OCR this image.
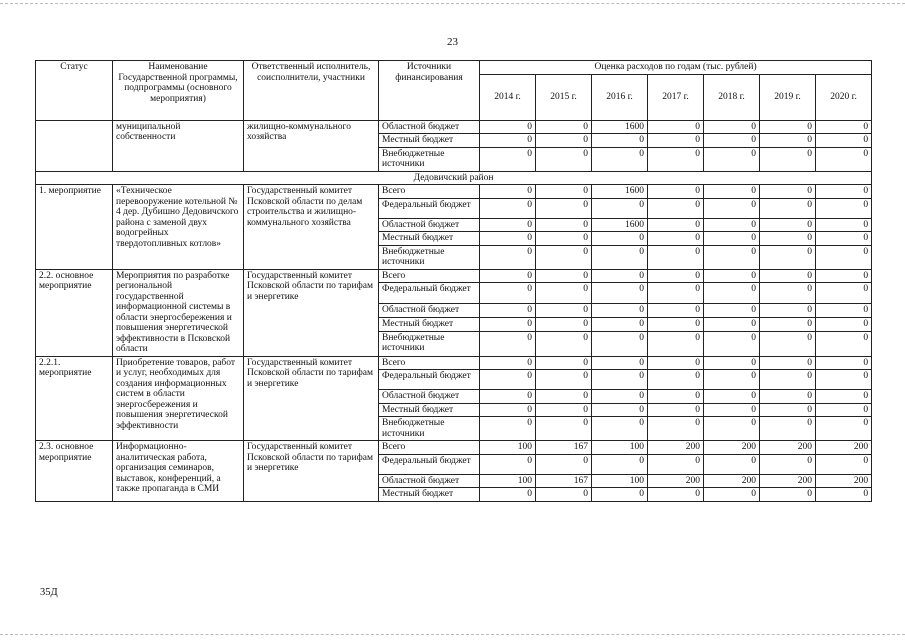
23
Статус	Наименование Государственной программы, подпрограммы (основного мероприятия)	Ответственный исполнитель, соисполнители, участники	Источники финансирования	Оценка расходов по годам (тыс. рублей)						
				2014 г.	2015 г.	2016 г.	2017 г.	2018 г.	2019 г.	2020 г.
	муниципальной собственности	жилищно-коммунального хозяйства	Областной бюджет	0	0	1600	0	0	0	0
			Местный бюджет	0	0	0	0	0	0	0
			Внебюджетные источники	0	0	0	0	0	0	0
Дедовичский район										
1. мероприятие	«Техническое перевооружение котельной № 4 дер. Дубишно Дедовичского района с заменой двух водогрейных твердотопливных котлов»	Государственный комитет Псковской области по делам строительства и жилищно-коммунального хозяйства	Всего	0	0	1600	0	0	0	0
			Федеральный бюджет	0	0	0	0	0	0	0
			Областной бюджет	0	0	1600	0	0	0	0
			Местный бюджет	0	0	0	0	0	0	0
			Внебюджетные источники	0	0	0	0	0	0	0
2.2. основное мероприятие	Мероприятия по разработке региональной государственной информационной системы в области энергосбережения и повышения энергетической эффективности в Псковской области	Государственный комитет Псковской области по тарифам и энергетике	Всего	0	0	0	0	0	0	0
			Федеральный бюджет	0	0	0	0	0	0	0
			Областной бюджет	0	0	0	0	0	0	0
			Местный бюджет	0	0	0	0	0	0	0
			Внебюджетные источники	0	0	0	0	0	0	0
2.2.1. мероприятие	Приобретение товаров, работ и услуг, необходимых для создания информационных систем в области энергосбережения и повышения энергетической эффективности	Государственный комитет Псковской области по тарифам и энергетике	Всего	0	0	0	0	0	0	0
			Федеральный бюджет	0	0	0	0	0	0	0
			Областной бюджет	0	0	0	0	0	0	0
			Местный бюджет	0	0	0	0	0	0	0
			Внебюджетные источники	0	0	0	0	0	0	0
2.3. основное мероприятие	Информационно-аналитическая работа, организация семинаров, выставок, конференций, а также пропаганда в СМИ	Государственный комитет Псковской области по тарифам и энергетике	Всего	100	167	100	200	200	200	200
			Федеральный бюджет	0	0	0	0	0	0	0
			Областной бюджет	100	167	100	200	200	200	200
			Местный бюджет	0	0	0	0	0	0	0
35Д
